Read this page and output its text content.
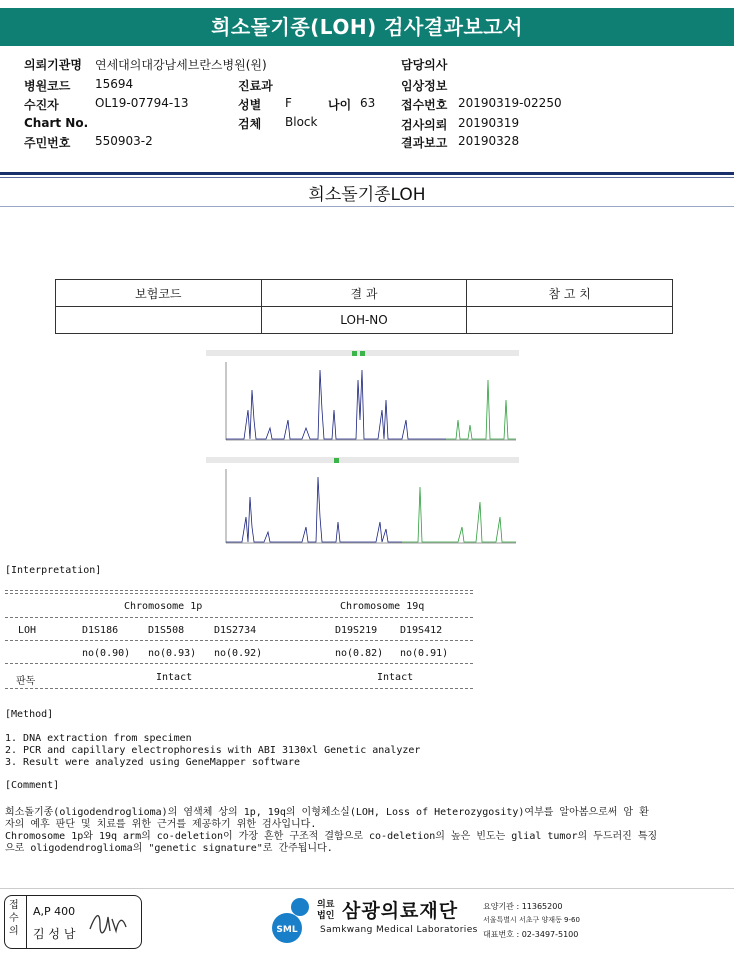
희소돌기종(LOH) 검사결과보고서
의뢰기관명 연세대의대강남세브란스병원(원)
병원코드 15694
수진자	OL19-07794-13
Chart No.
주민번호 550903-2
진료과
성별 F	나이 63
검체 Block
담당의사
임상정보
접수번호 20190319-02250
검사의뢰 20190319
결과보고 20190328
희소돌기종LOH
보험코드	결 과	참 고 치
	LOH-NO	
[Interpretation]
Chromosome 1p	Chromosome 19q
LOH	D1S186	D1S508	D1S2734	D19S219 D19S412
no(0.90) no(0.93) no(0.92)	no(0.82) no(0.91)
판독	Intact	Intact
[Method]
1. DNA extraction from specimen
2. PCR and capillary electrophoresis with ABI 3130xl Genetic analyzer
3. Result were analyzed using GeneMapper software
[Comment]
희소돌기종(oligodendroglioma)의 염색체 상의 1p, 19q의 이형체소실(LOH, Loss of Heterozygosity)여부를 알아봄으로써 암 환
자의 예후 판단 및 치료를 위한 근거를 제공하기 위한 검사입니다.
Chromosome 1p와 19q arm의 co-deletion이 가장 흔한 구조적 결함으로 co-deletion의 높은 빈도는 glial tumor의 두드러진 특징
으로 oligodendroglioma의 "genetic signature"로 간주됩니다.
접수의
A,P 400
김 성 남	SML
의료
법인 삼광의료재단
Samkwang Medical Laboratories
요양기관 : 11365200
서울특별시 서초구 양재동 9-60
대표번호 : 02-3497-5100
